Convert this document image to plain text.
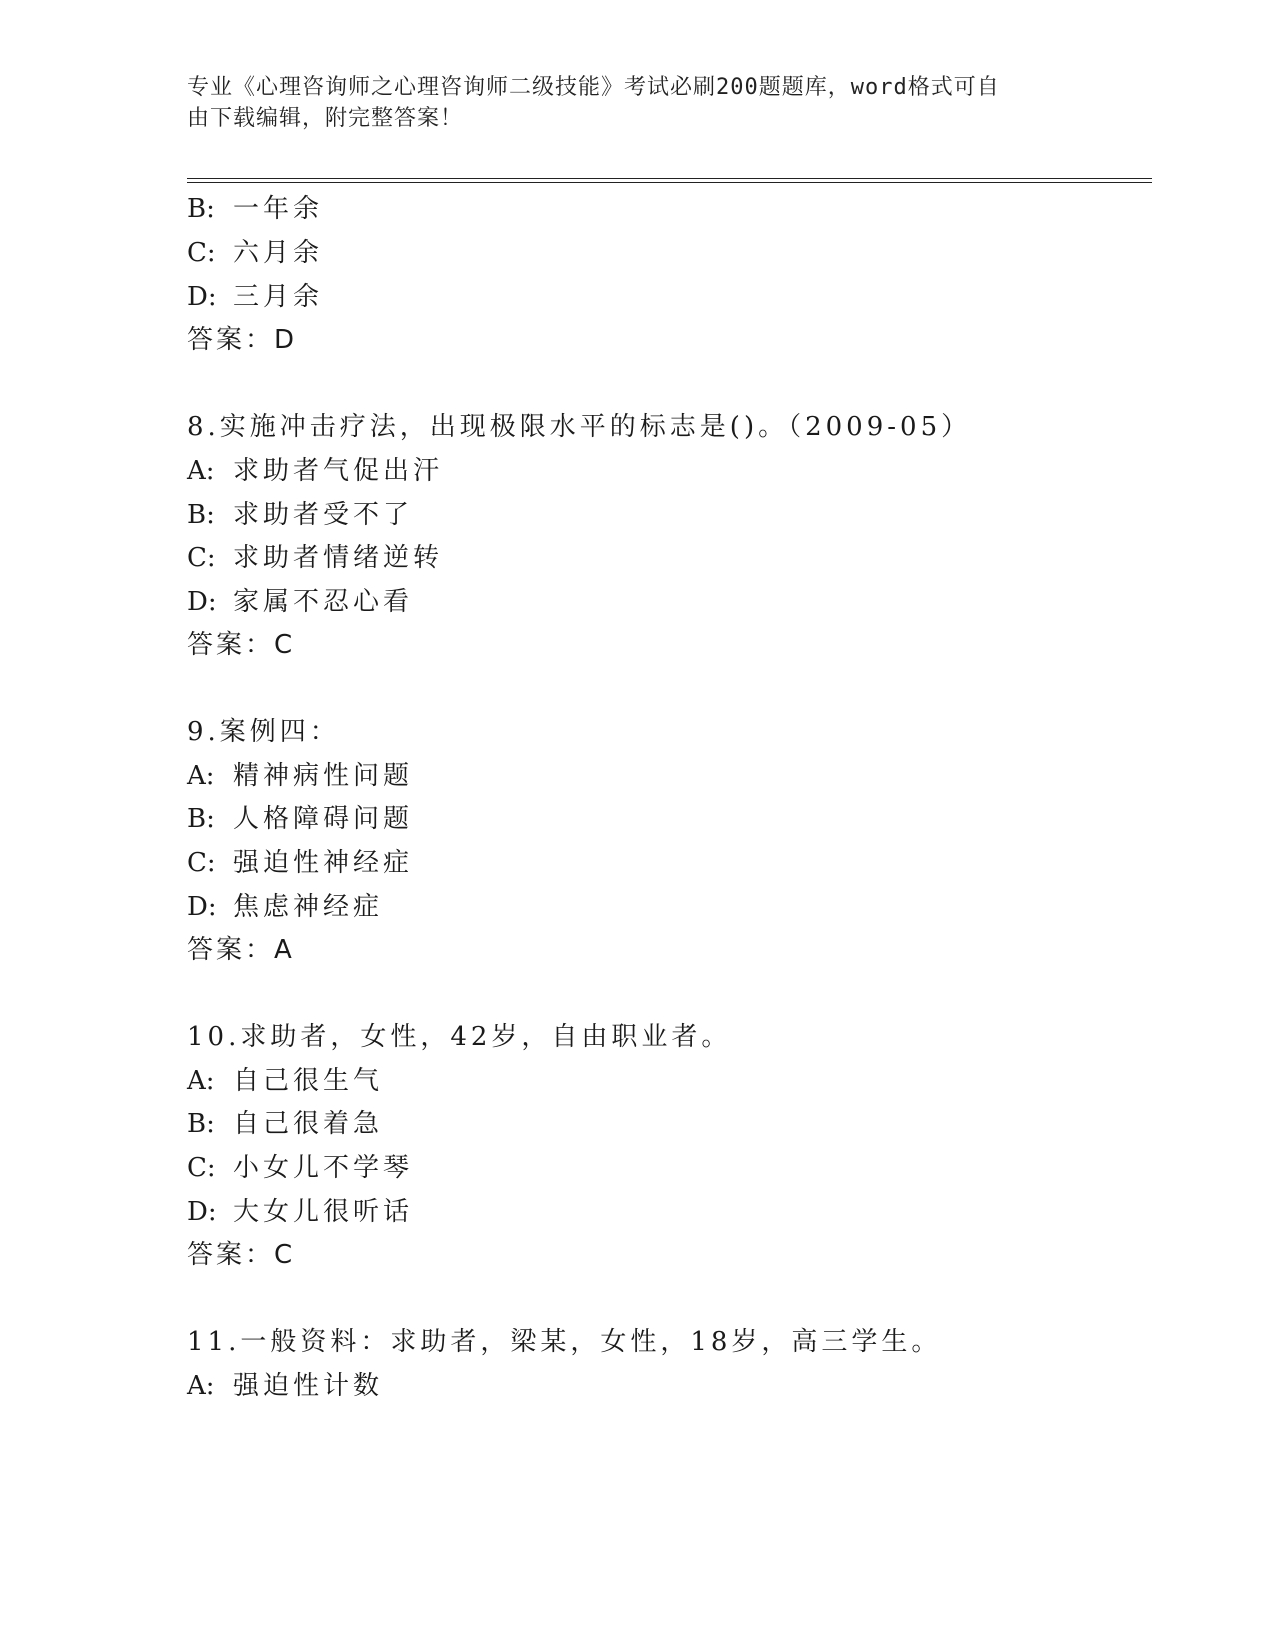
专业《心理咨询师之心理咨询师二级技能》考试必刷200题题库，word格式可自
由下载编辑，附完整答案！
B: 一年余
C: 六月余
D: 三月余
答案：D
8.实施冲击疗法，出现极限水平的标志是()。（2009-05）
A: 求助者气促出汗
B: 求助者受不了
C: 求助者情绪逆转
D: 家属不忍心看
答案：C
9.案例四：
A: 精神病性问题
B: 人格障碍问题
C: 强迫性神经症
D: 焦虑神经症
答案：A
10.求助者，女性，42岁，自由职业者。
A: 自己很生气
B: 自己很着急
C: 小女儿不学琴
D: 大女儿很听话
答案：C
11.一般资料：求助者，梁某，女性，18岁，高三学生。
A: 强迫性计数
